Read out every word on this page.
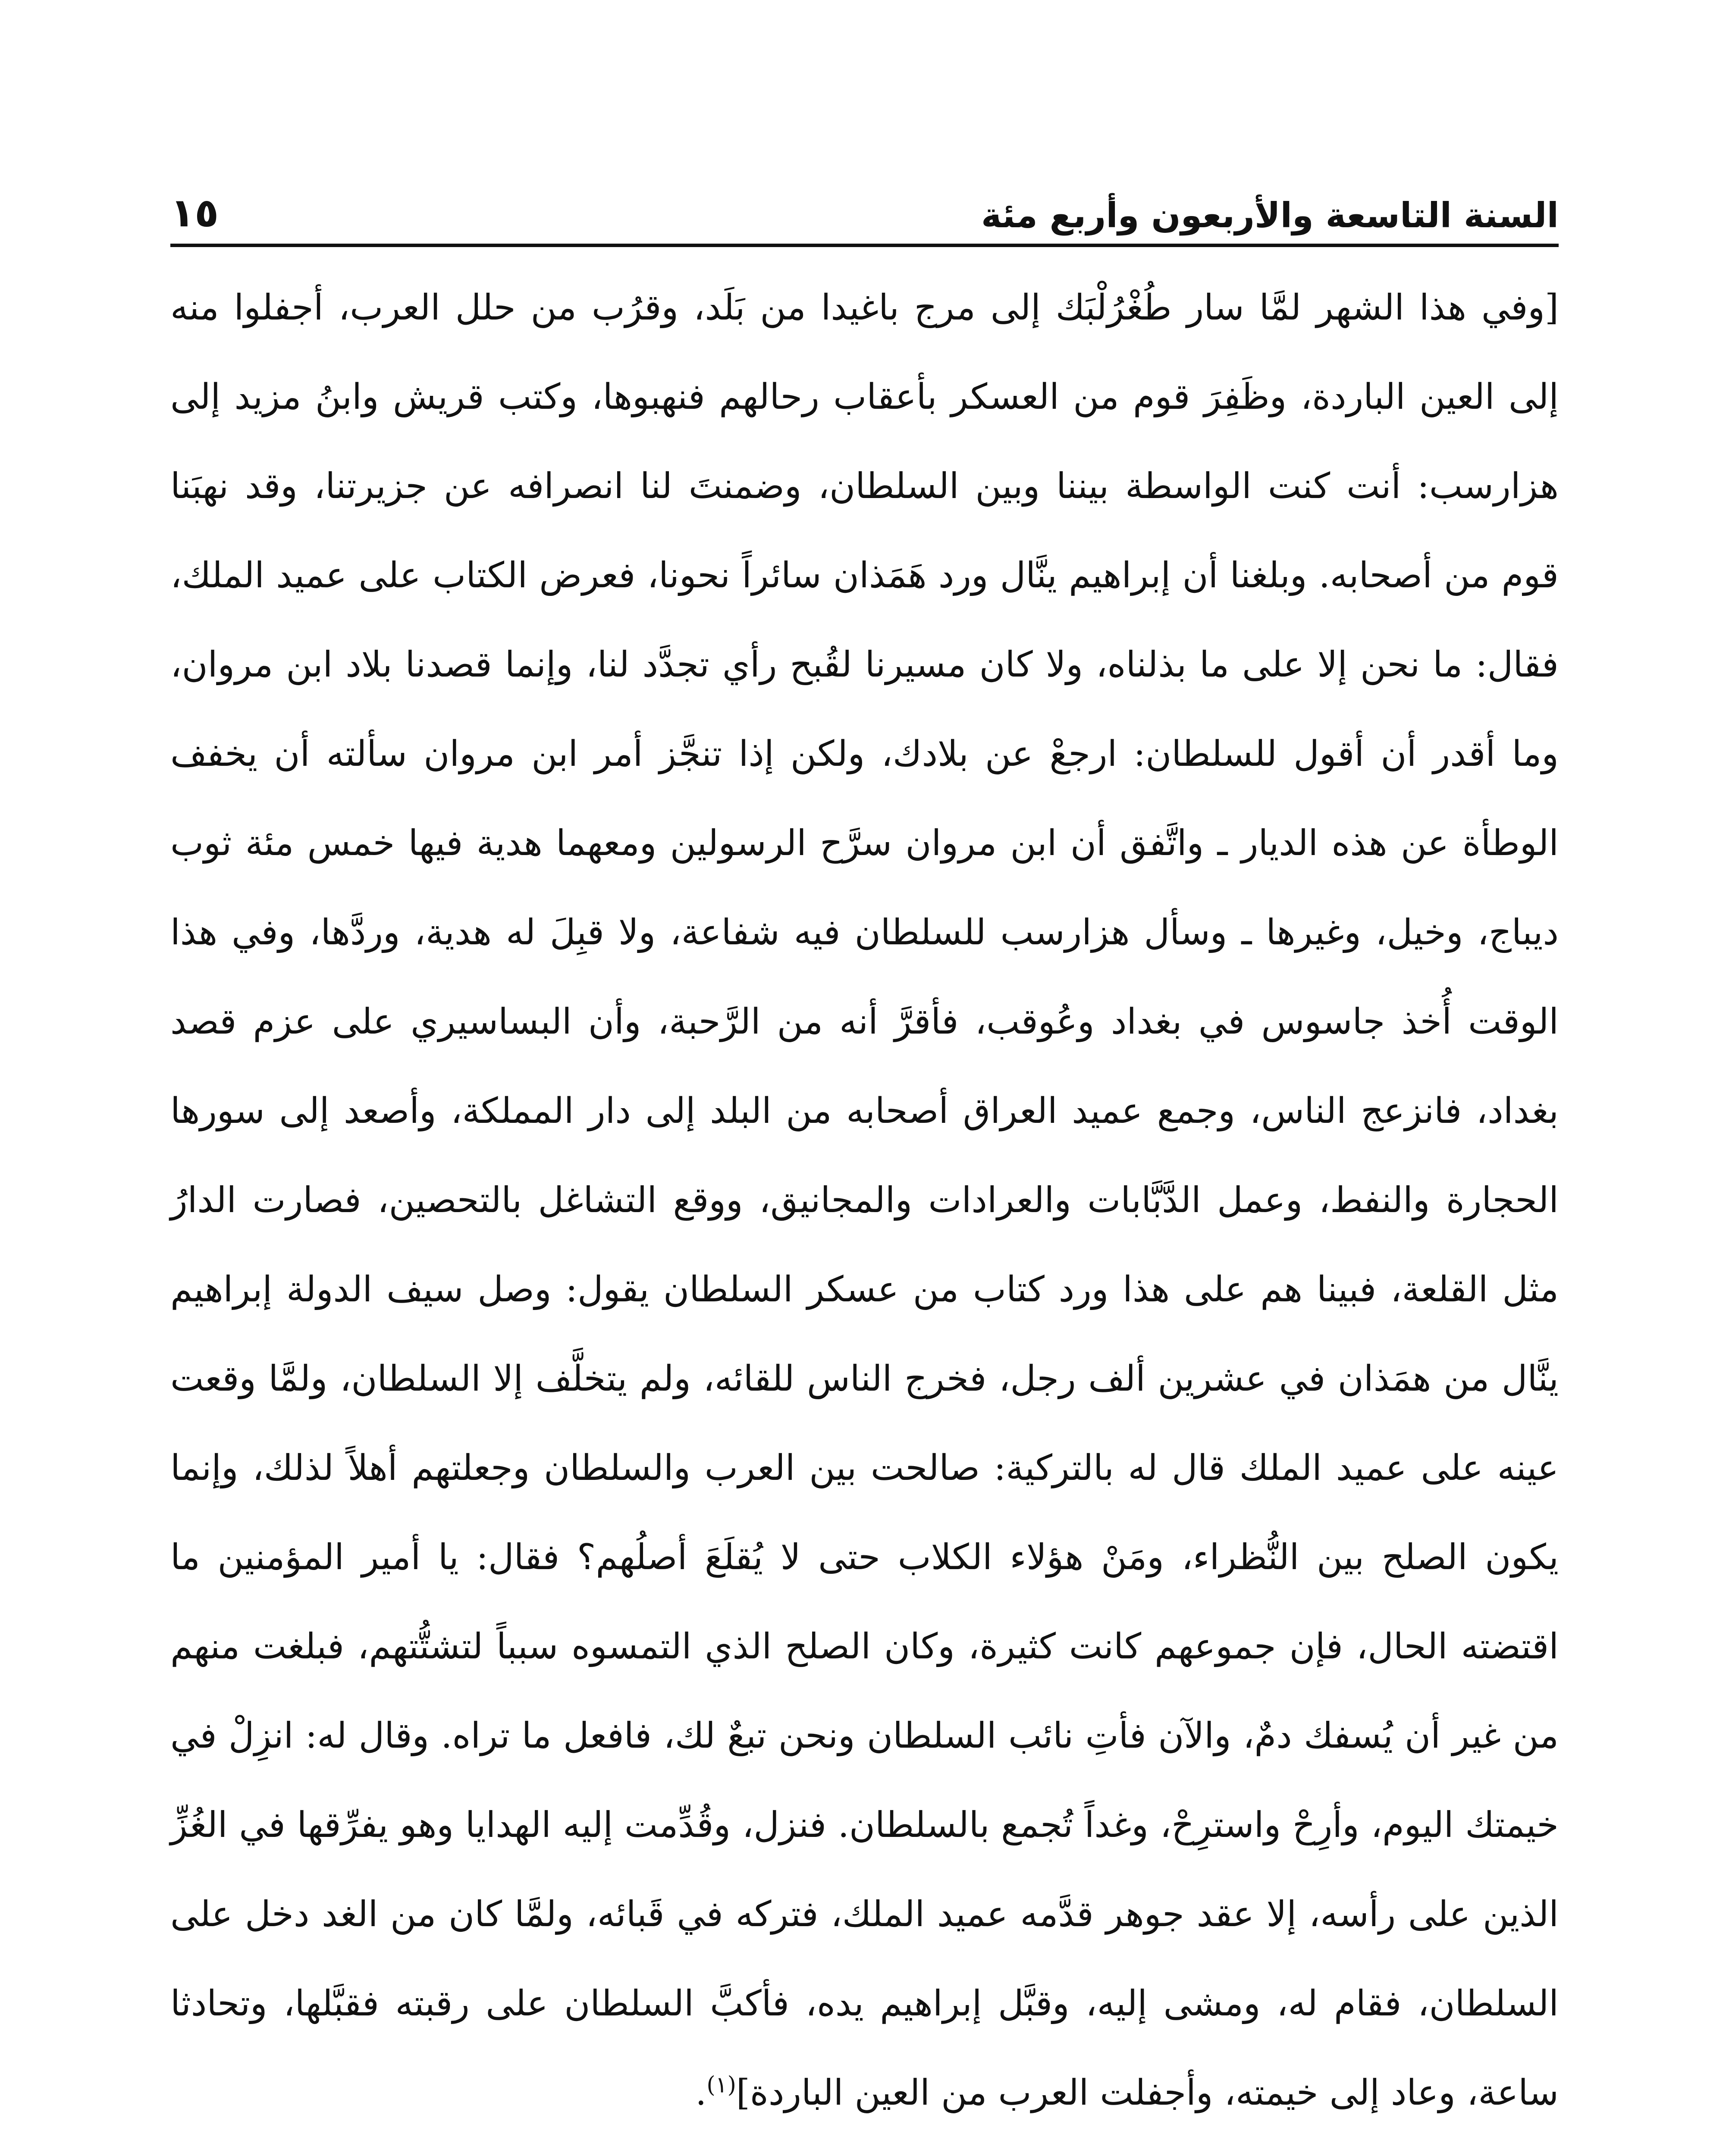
السنة التاسعة والأربعون وأربع مئة
١٥

[وفي هذا الشهر لمَّا سار طُغْرُلْبَك إلى مرج باغيدا من بَلَد، وقرُب من حلل العرب، أجفلوا منه إلى العين الباردة، وظَفِرَ قوم من العسكر بأعقاب رحالهم فنهبوها، وكتب قريش وابنُ مزيد إلى هزارسب: أنت كنت الواسطة بيننا وبين السلطان، وضمنتَ لنا انصرافه عن جزيرتنا، وقد نهبَنا قوم من أصحابه. وبلغنا أن إبراهيم ينَّال ورد هَمَذان سائراً نحونا، فعرض الكتاب على عميد الملك، فقال: ما نحن إلا على ما بذلناه، ولا كان مسيرنا لقُبح رأي تجدَّد لنا، وإنما قصدنا بلاد ابن مروان، وما أقدر أن أقول للسلطان: ارجعْ عن بلادك، ولكن إذا تنجَّز أمر ابن مروان سألته أن يخفف الوطأة عن هذه الديار ـ واتَّفق أن ابن مروان سرَّح الرسولين ومعهما هدية فيها خمس مئة ثوب ديباج، وخيل، وغيرها ـ وسأل هزارسب للسلطان فيه شفاعة، ولا قبِلَ له هدية، وردَّها، وفي هذا الوقت أُخذ جاسوس في بغداد وعُوقب، فأقرَّ أنه من الرَّحبة، وأن البساسيري على عزم قصد بغداد، فانزعج الناس، وجمع عميد العراق أصحابه من البلد إلى دار المملكة، وأصعد إلى سورها الحجارة والنفط، وعمل الدَّبَّابات والعرادات والمجانيق، ووقع التشاغل بالتحصين، فصارت الدارُ مثل القلعة، فبينا هم على هذا ورد كتاب من عسكر السلطان يقول: وصل سيف الدولة إبراهيم ينَّال من همَذان في عشرين ألف رجل، فخرج الناس للقائه، ولم يتخلَّف إلا السلطان، ولمَّا وقعت عينه على عميد الملك قال له بالتركية: صالحت بين العرب والسلطان وجعلتهم أهلاً لذلك، وإنما يكون الصلح بين النُّظراء، ومَنْ هؤلاء الكلاب حتى لا يُقلَعَ أصلُهم؟ فقال: يا أمير المؤمنين ما اقتضته الحال، فإن جموعهم كانت كثيرة، وكان الصلح الذي التمسوه سبباً لتشتُّتهم، فبلغت منهم من غير أن يُسفك دمٌ، والآن فأتِ نائب السلطان ونحن تبعٌ لك، فافعل ما تراه. وقال له: انزِلْ في خيمتك اليوم، وأرِحْ واسترِحْ، وغداً تُجمع بالسلطان. فنزل، وقُدِّمت إليه الهدايا وهو يفرِّقها في الغُزِّ الذين على رأسه، إلا عقد جوهر قدَّمه عميد الملك، فتركه في قَبائه، ولمَّا كان من الغد دخل على السلطان، فقام له، ومشى إليه، وقبَّل إبراهيم يده، فأكبَّ السلطان على رقبته فقبَّلها، وتحادثا ساعة، وعاد إلى خيمته، وأجفلت العرب من العين الباردة]$^{(١)}$.
